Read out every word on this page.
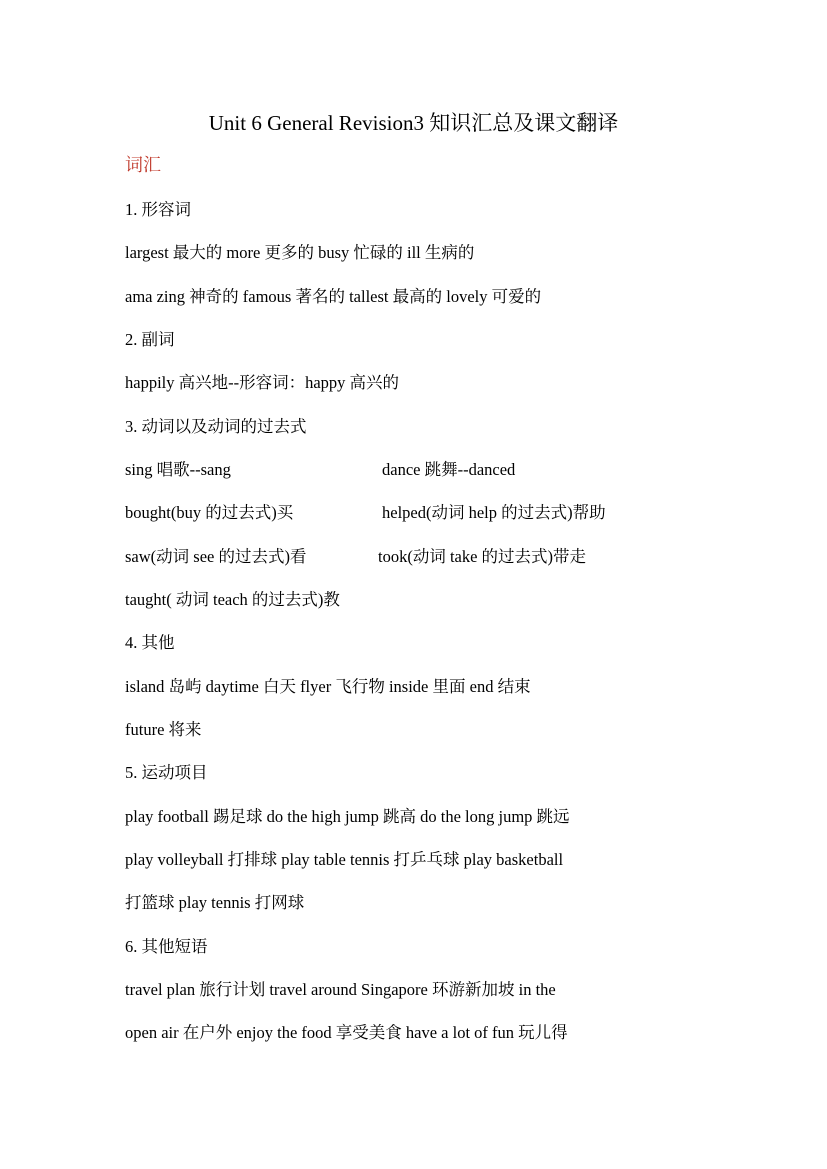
Unit 6 General Revision3 知识汇总及课文翻译
词汇
1. 形容词
largest 最大的 more 更多的 busy 忙碌的 ill 生病的
ama zing 神奇的 famous 著名的 tallest 最高的 lovely 可爱的
2. 副词
happily 高兴地--形容词：happy 高兴的
3. 动词以及动词的过去式
sing 唱歌--sang	dance 跳舞--danced
bought(buy 的过去式)买	helped(动词 help 的过去式)帮助
saw(动词 see 的过去式)看	took(动词 take 的过去式)带走
taught( 动词 teach 的过去式)教
4. 其他
island 岛屿 daytime 白天 flyer 飞行物 inside 里面 end 结束
future 将来
5. 运动项目
play football 踢足球 do the high jump 跳高 do the long jump 跳远
play volleyball 打排球 play table tennis 打乒乓球 play basketball
打篮球 play tennis 打网球
6. 其他短语
travel plan 旅行计划 travel around Singapore 环游新加坡 in the
open air 在户外 enjoy the food 享受美食 have a lot of fun 玩儿得
